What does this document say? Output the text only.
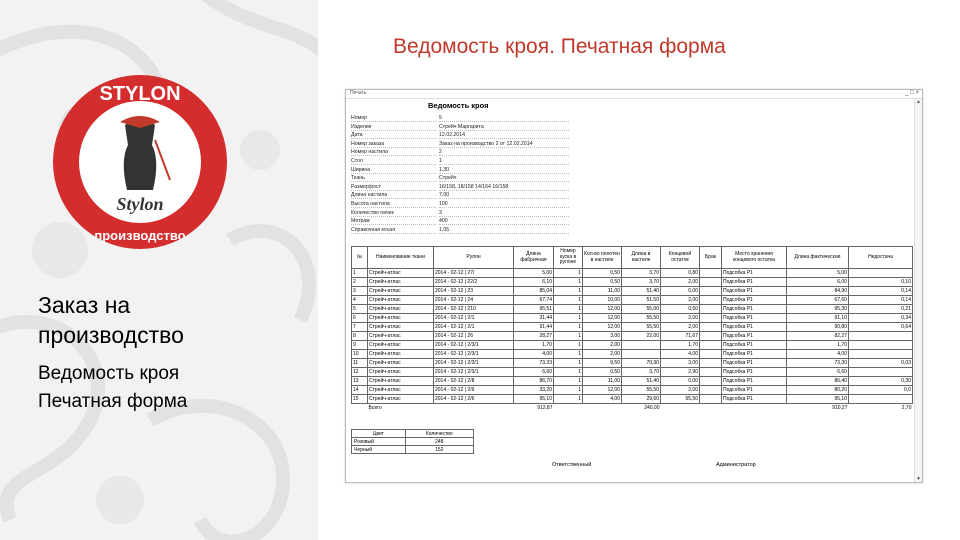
STYLON
производство
Stylon
Заказ на
производство
Ведомость кроя
Печатная форма
Ведомость кроя. Печатная форма
Печать	_ □ ×
▲
▼
Ведомость кроя
Номер	5
Изделие	Стрейч Маргарита
Дата	12.02.2014
Номер заказа	Заказ на производство 2 от 12.02.2014
Номер настила	2
Стол	1
Ширина	1,30
Ткань	Стрейч
Размер/рост	16/158, 18/158 14/164 16/158
Длина настила	7,00
Высота настила	100
Количество пачек	3
Метраж	400
Справочная косая	1,05
№	Наименование ткани	Рулон	Длина фабричная	Номер куска в рулоне	Кол-во полотен в настиле	Длина в настиле	Концевой остаток	Брак	Место хранения концевого остатка	Длина фактическая	Недостача
1	Стрейч-атлас	2014 - 02-12 | 27/	5,00	1	0,50	3,70	0,80		Подсобка Р1	5,00	
2	Стрейч-атлас	2014 - 02-12 | 22/2	6,10	1	0,50	3,70	2,00		Подсобка Р1	6,00	0,10
3	Стрейч-атлас	2014 - 02-12 | 23	85,04	1	11,00	51,40	0,00		Подсобка Р1	84,90	0,14
4	Стрейч-атлас	2014 - 02-12 | 24	67,74	1	10,00	51,50	2,00		Подсобка Р1	67,60	0,14
5	Стрейч-атлас	2014 - 02-12 | 210	95,51	1	12,00	55,00	0,50		Подсобка Р1	95,30	0,21
6	Стрейч-атлас	2014 - 02-12 | 2/1	31,44	1	12,00	55,50	2,00		Подсобка Р1	91,10	0,34
7	Стрейч-атлас	2014 - 02-12 | 2/1	91,44	1	12,00	55,50	2,00		Подсобка Р1	90,80	0,64
8	Стрейч-атлас	2014 - 02-12 | 26	28,27	1	3,00	22,00	71,67		Подсобка Р1	82,27	
9	Стрейч-атлас	2014 - 02-12 | 2/3/1	1,70	1	2,00		1,70		Подсобка Р1	1,70	
10	Стрейч-атлас	2014 - 02-12 | 2/3/1	4,00	1	2,00		4,00		Подсобка Р1	4,00	
11	Стрейч-атлас	2014 - 02-12 | 2/3/1	73,33	1	9,50	70,30	3,00		Подсобка Р1	73,30	0,03
12	Стрейч-атлас	2014 - 02-12 | 2/3/1	6,60	1	0,50	3,70	2,90		Подсобка Р1	6,60	
13	Стрейч-атлас	2014 - 02-12 | 2/8	86,70	1	11,00	51,40	0,00		Подсобка Р1	86,40	0,30
14	Стрейч-атлас	2014 - 02-12 | 2/9	33,20	1	12,00	55,50	2,00		Подсобка Р1	80,20	0,0
15	Стрейч-атлас	2014 - 02-12 | 2/6	95,10	1	4,00	29,60	55,50		Подсобка Р1	95,10	
	Всего		912,87			240,00				910,27	2,70
Цвет	Количество
Розовый	248
Черный	152
Ответственный	Администратор
